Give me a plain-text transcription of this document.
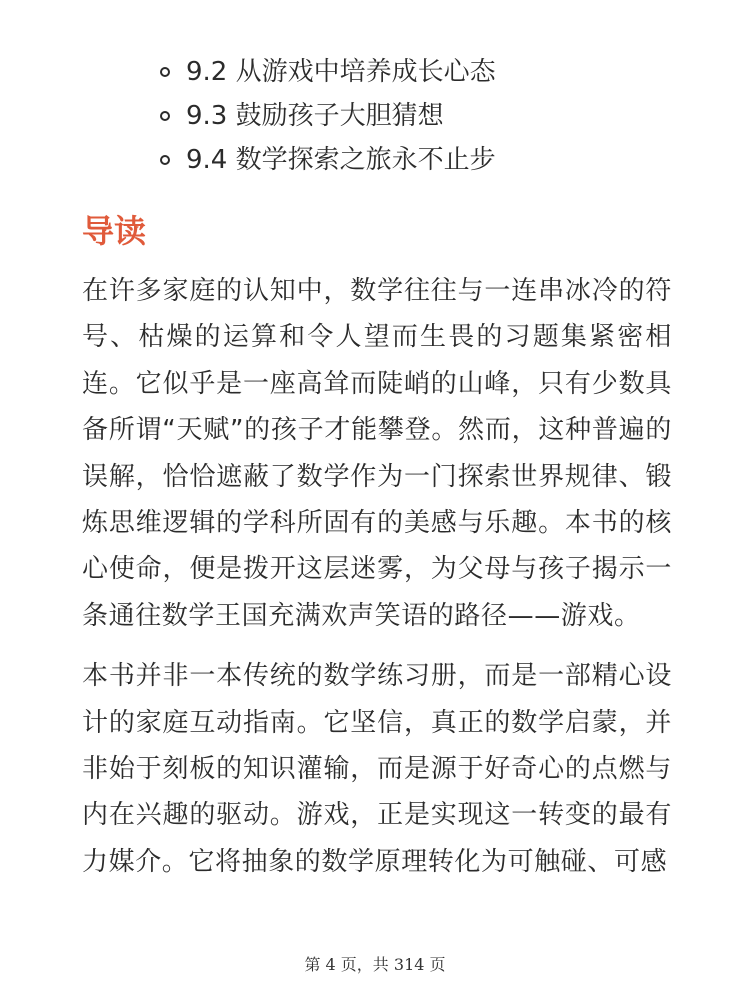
9.2 从游戏中培养成长心态
9.3 鼓励孩子大胆猜想
9.4 数学探索之旅永不止步
导读

在许多家庭的认知中，数学往往与一连串冰冷的符号、枯燥的运算和令人望而生畏的习题集紧密相连。它似乎是一座高耸而陡峭的山峰，只有少数具备所谓“天赋”的孩子才能攀登。然而，这种普遍的误解，恰恰遮蔽了数学作为一门探索世界规律、锻炼思维逻辑的学科所固有的美感与乐趣。本书的核心使命，便是拨开这层迷雾，为父母与孩子揭示一条通往数学王国充满欢声笑语的路径——游戏。

本书并非一本传统的数学练习册，而是一部精心设计的家庭互动指南。它坚信，真正的数学启蒙，并非始于刻板的知识灌输，而是源于好奇心的点燃与内在兴趣的驱动。游戏，正是实现这一转变的最有力媒介。它将抽象的数学原理转化为可触碰、可感

第 4 页，共 314 页
